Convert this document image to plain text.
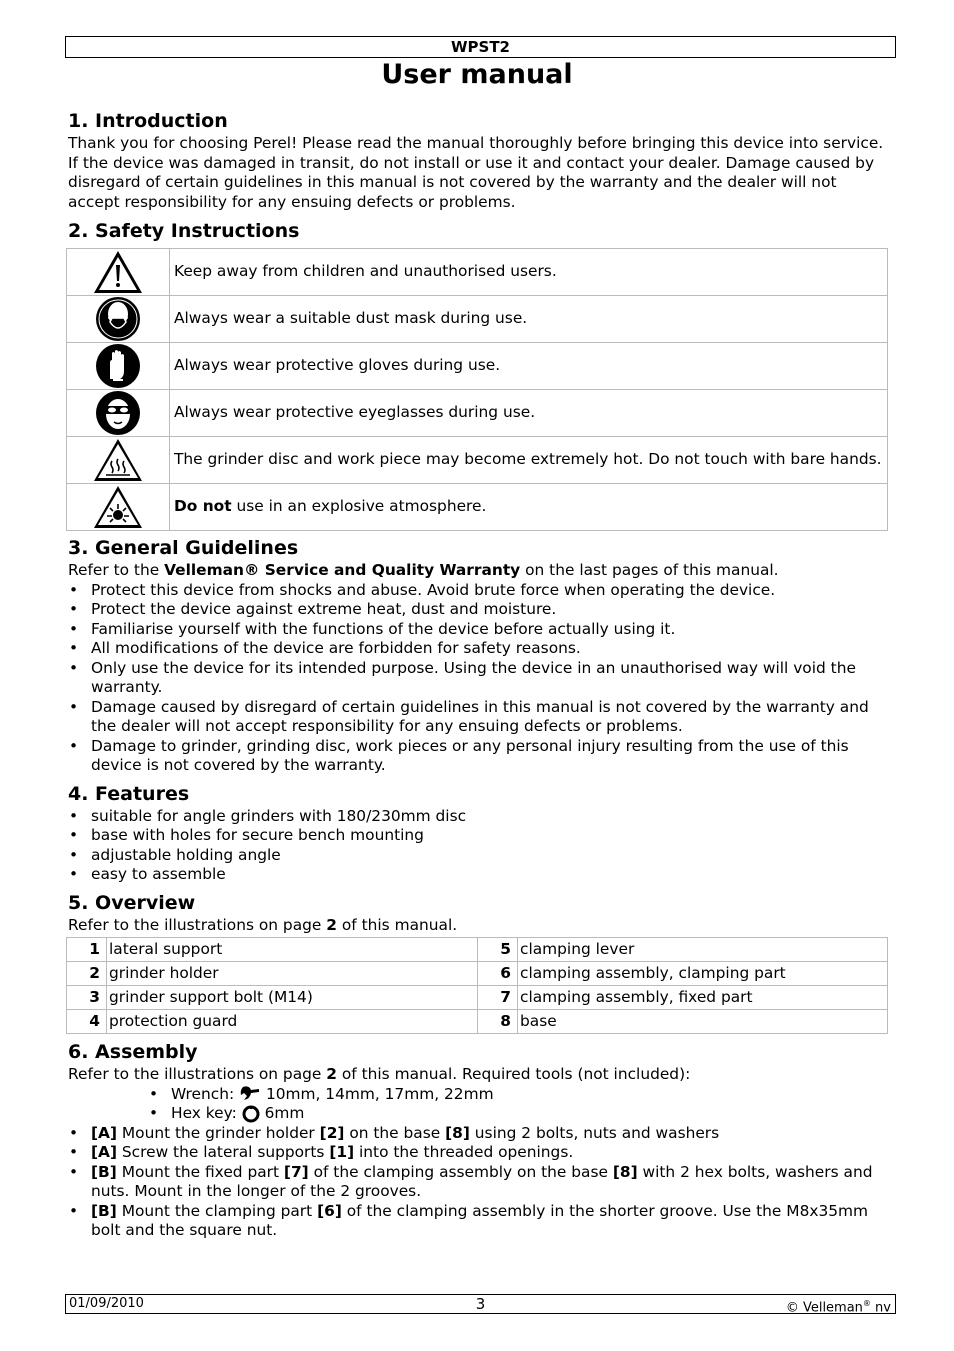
WPST2
User manual
1. Introduction

Thank you for choosing Perel! Please read the manual thoroughly before bringing this device into service. If the device was damaged in transit, do not install or use it and contact your dealer. Damage caused by disregard of certain guidelines in this manual is not covered by the warranty and the dealer will not accept responsibility for any ensuing defects or problems.

2. Safety Instructions
	Keep away from children and unauthorised users.
	Always wear a suitable dust mask during use.
	Always wear protective gloves during use.
	Always wear protective eyeglasses during use.
	The grinder disc and work piece may become extremely hot. Do not touch with bare hands.
	Do not use in an explosive atmosphere.
3. General Guidelines

Refer to the Velleman® Service and Quality Warranty on the last pages of this manual.

• Protect this device from shocks and abuse. Avoid brute force when operating the device.
• Protect the device against extreme heat, dust and moisture.
• Familiarise yourself with the functions of the device before actually using it.
• All modifications of the device are forbidden for safety reasons.
• Only use the device for its intended purpose. Using the device in an unauthorised way will void the warranty.
• Damage caused by disregard of certain guidelines in this manual is not covered by the warranty and the dealer will not accept responsibility for any ensuing defects or problems.
• Damage to grinder, grinding disc, work pieces or any personal injury resulting from the use of this device is not covered by the warranty.
4. Features
• suitable for angle grinders with 180/230mm disc
• base with holes for secure bench mounting
• adjustable holding angle
• easy to assemble
5. Overview

Refer to the illustrations on page 2 of this manual.

1	lateral support	5	clamping lever
2	grinder holder	6	clamping assembly, clamping part
3	grinder support bolt (M14)	7	clamping assembly, fixed part
4	protection guard	8	base
6. Assembly

Refer to the illustrations on page 2 of this manual. Required tools (not included):

• Wrench:  10mm, 14mm, 17mm, 22mm
• Hex key:  6mm
• [A] Mount the grinder holder [2] on the base [8] using 2 bolts, nuts and washers
• [A] Screw the lateral supports [1] into the threaded openings.
• [B] Mount the fixed part [7] of the clamping assembly on the base [8] with 2 hex bolts, washers and nuts. Mount in the longer of the 2 grooves.
• [B] Mount the clamping part [6] of the clamping assembly in the shorter groove. Use the M8x35mm bolt and the square nut.
01/09/2010	3	© Velleman® nv
